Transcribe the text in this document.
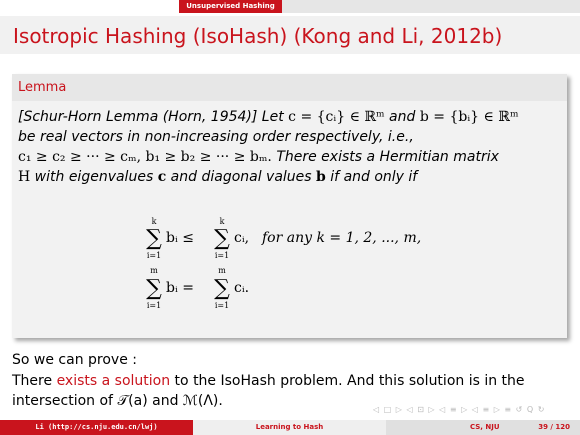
Unsupervised Hashing
Isotropic Hashing (IsoHash) (Kong and Li, 2012b)
Lemma
[Schur-Horn Lemma (Horn, 1954)] Let c = {cᵢ} ∈ ℝᵐ and b = {bᵢ} ∈ ℝᵐ
be real vectors in non-increasing order respectively, i.e.,
c₁ ≥ c₂ ≥ ··· ≥ cₘ, b₁ ≥ b₂ ≥ ··· ≥ bₘ. There exists a Hermitian matrix
H with eigenvalues c and diagonal values b if and only if
k
∑
i=1
bᵢ ≤
k
∑
i=1
cᵢ, for any k = 1, 2, ..., m,
m
∑
i=1
bᵢ =
m
∑
i=1
cᵢ.
So we can prove :
There exists a solution to the IsoHash problem. And this solution is in the
intersection of 𝒯(a) and ℳ(Λ).
◁ □ ▷ ◁ ⊡ ▷ ◁ ≡ ▷ ◁ ≡ ▷ ≡ ↺ Q ↻
Li (http://cs.nju.edu.cn/lwj)	Learning to Hash	CS, NJU	39 / 120
